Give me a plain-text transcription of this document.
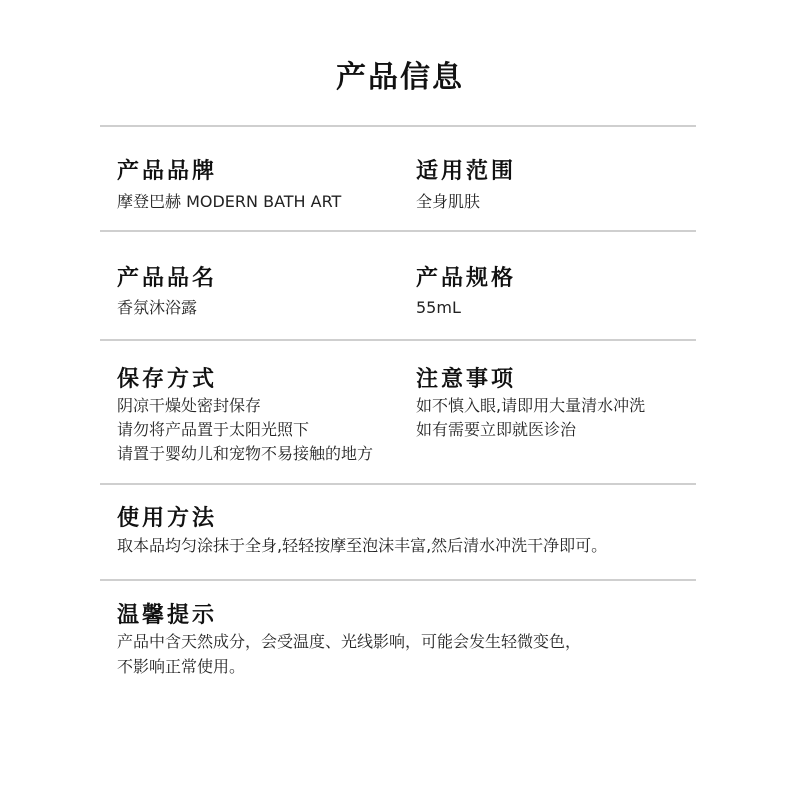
产品信息
产品品牌
摩登巴赫 MODERN BATH ART
适用范围
全身肌肤
产品品名
香氛沐浴露
产品规格
55mL
保存方式
阴凉干燥处密封保存
请勿将产品置于太阳光照下
请置于婴幼儿和宠物不易接触的地方
注意事项
如不慎入眼,请即用大量清水冲洗
如有需要立即就医诊治
使用方法
取本品均匀涂抹于全身,轻轻按摩至泡沫丰富,然后清水冲洗干净即可。
温馨提示
产品中含天然成分，会受温度、光线影响，可能会发生轻微变色，
不影响正常使用。
